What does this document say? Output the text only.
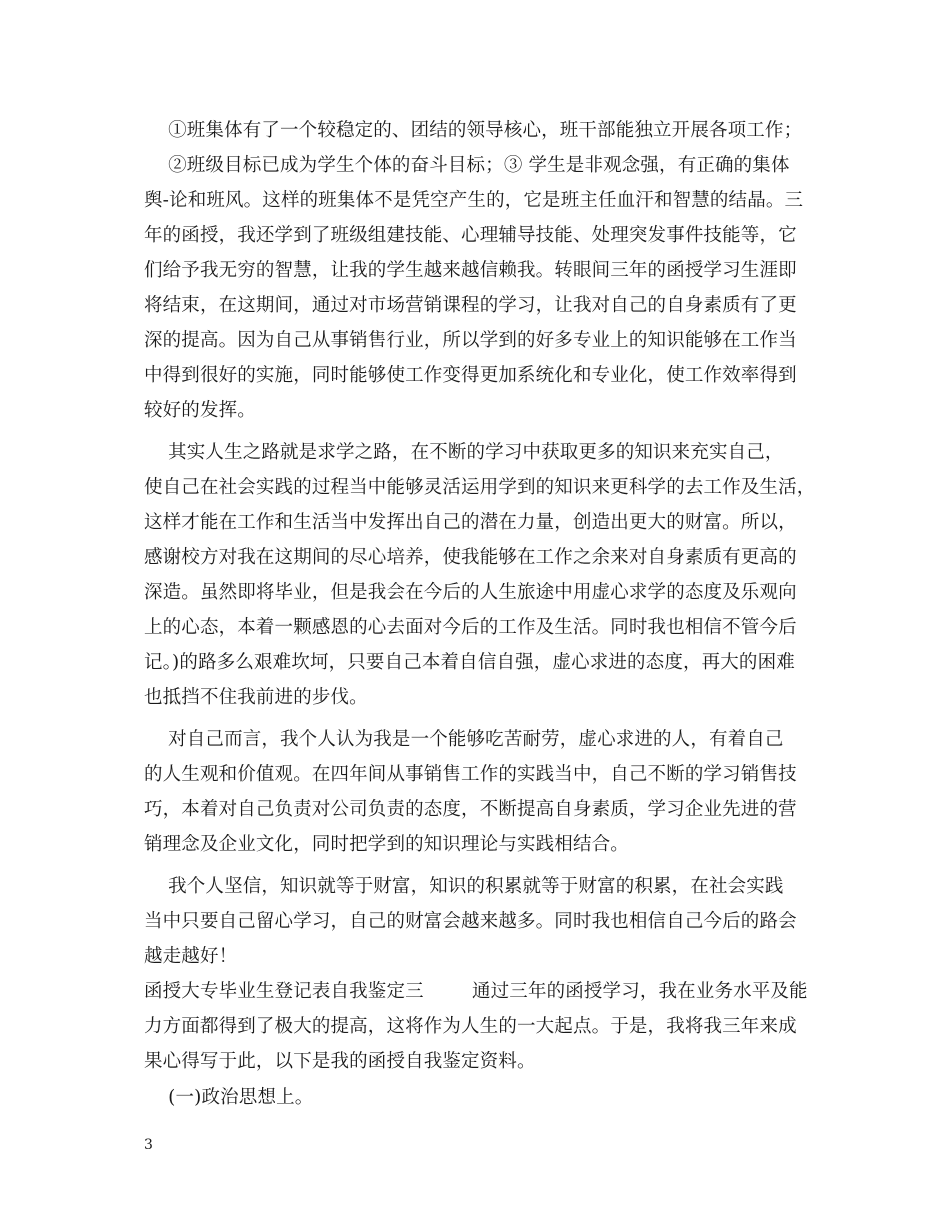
①班集体有了一个较稳定的、团结的领导核心，班干部能独立开展各项工作；
②班级目标已成为学生个体的奋斗目标；③ 学生是非观念强，有正确的集体
舆-论和班风。这样的班集体不是凭空产生的，它是班主任血汗和智慧的结晶。三
年的函授，我还学到了班级组建技能、心理辅导技能、处理突发事件技能等，它
们给予我无穷的智慧，让我的学生越来越信赖我。转眼间三年的函授学习生涯即
将结束，在这期间，通过对市场营销课程的学习，让我对自己的自身素质有了更
深的提高。因为自己从事销售行业，所以学到的好多专业上的知识能够在工作当
中得到很好的实施，同时能够使工作变得更加系统化和专业化，使工作效率得到
较好的发挥。
其实人生之路就是求学之路，在不断的学习中获取更多的知识来充实自己，
使自己在社会实践的过程当中能够灵活运用学到的知识来更科学的去工作及生活，
这样才能在工作和生活当中发挥出自己的潜在力量，创造出更大的财富。所以，
感谢校方对我在这期间的尽心培养，使我能够在工作之余来对自身素质有更高的
深造。虽然即将毕业，但是我会在今后的人生旅途中用虚心求学的态度及乐观向
上的心态，本着一颗感恩的心去面对今后的工作及生活。同时我也相信不管今后
记。)的路多么艰难坎坷，只要自己本着自信自强，虚心求进的态度，再大的困难
也抵挡不住我前进的步伐。
对自己而言，我个人认为我是一个能够吃苦耐劳，虚心求进的人，有着自己
的人生观和价值观。在四年间从事销售工作的实践当中，自己不断的学习销售技
巧，本着对自己负责对公司负责的态度，不断提高自身素质，学习企业先进的营
销理念及企业文化，同时把学到的知识理论与实践相结合。
我个人坚信，知识就等于财富，知识的积累就等于财富的积累，在社会实践
当中只要自己留心学习，自己的财富会越来越多。同时我也相信自己今后的路会
越走越好！
函授大专毕业生登记表自我鉴定三        通过三年的函授学习，我在业务水平及能
力方面都得到了极大的提高，这将作为人生的一大起点。于是，我将我三年来成
果心得写于此，以下是我的函授自我鉴定资料。
(一)政治思想上。
3
